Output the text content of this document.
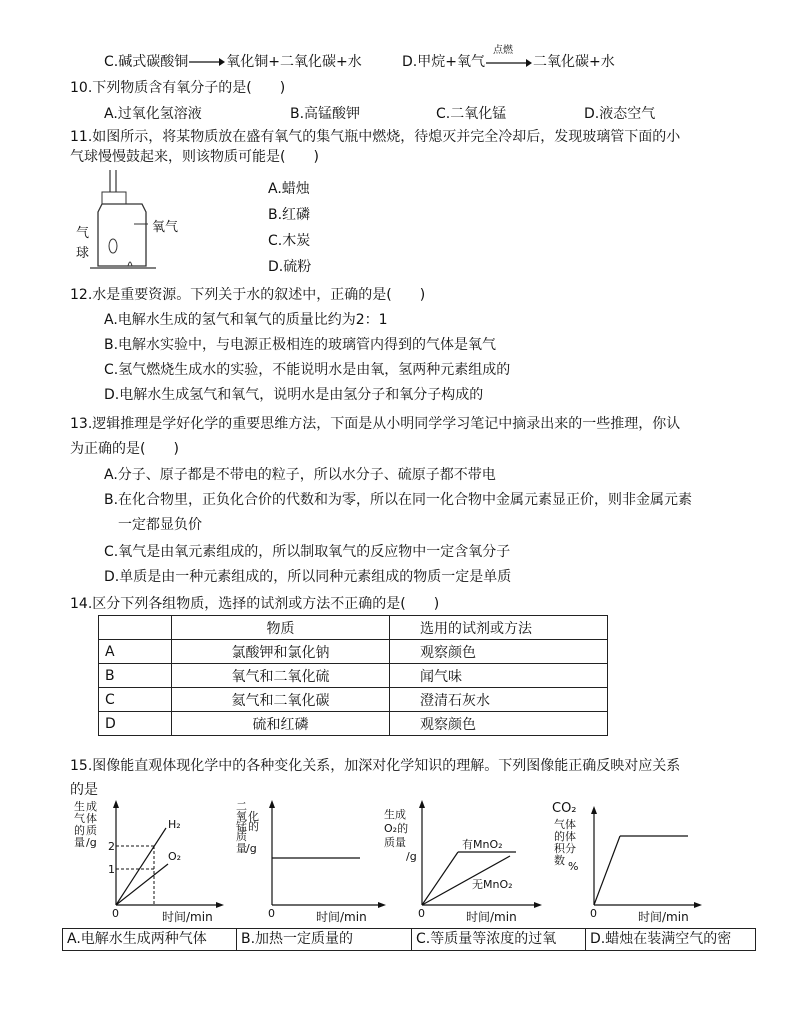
C.碱式碳酸铜	氧化铜+二氧化碳+水	D.甲烷+氧气
点燃
二氧化碳+水
10.下列物质含有氧分子的是(　　)
A.过氧化氢溶液	B.高锰酸钾	C.二氧化锰	D.液态空气
11.如图所示，将某物质放在盛有氧气的集气瓶中燃烧，待熄灭并完全冷却后，发现玻璃管下面的小
气球慢慢鼓起来，则该物质可能是(　　)
氧气
气
球
A.蜡烛
B.红磷
C.木炭
D.硫粉
12.水是重要资源。下列关于水的叙述中，正确的是(　　)
A.电解水生成的氢气和氧气的质量比约为2：1
B.电解水实验中，与电源正极相连的玻璃管内得到的气体是氧气
C.氢气燃烧生成水的实验，不能说明水是由氧，氢两种元素组成的
D.电解水生成氢气和氧气，说明水是由氢分子和氧分子构成的
13.逻辑推理是学好化学的重要思维方法，下面是从小明同学学习笔记中摘录出来的一些推理，你认
为正确的是(　　)
A.分子、原子都是不带电的粒子，所以水分子、硫原子都不带电
B.在化合物里，正负化合价的代数和为零，所以在同一化合物中金属元素显正价，则非金属元素
一定都显负价
C.氧气是由氧元素组成的，所以制取氧气的反应物中一定含氧分子
D.单质是由一种元素组成的，所以同种元素组成的物质一定是单质
14.区分下列各组物质，选择的试剂或方法不正确的是(　　)
	物质	选用的试剂或方法
A	氯酸钾和氯化钠	观察颜色
B	氧气和二氧化硫	闻气味
C	氦气和二氧化碳	澄清石灰水
D	硫和红磷	观察颜色
15.图像能直观体现化学中的各种变化关系，加深对化学知识的理解。下列图像能正确反映对应关系
的是
生 成
气 体
的 质
量 /g 2
1
H₂
O₂
0	时间/min
二
氧 化
锰 的
质
量 /g
0	时间/min
生成
O₂的
质量
/g
有MnO₂
无MnO₂
0	时间/min
CO₂
气体
的体
积分
数 %
0	时间/min
A.电解水生成两种气体	B.加热一定质量的	C.等质量等浓度的过氧	D.蜡烛在装满空气的密
